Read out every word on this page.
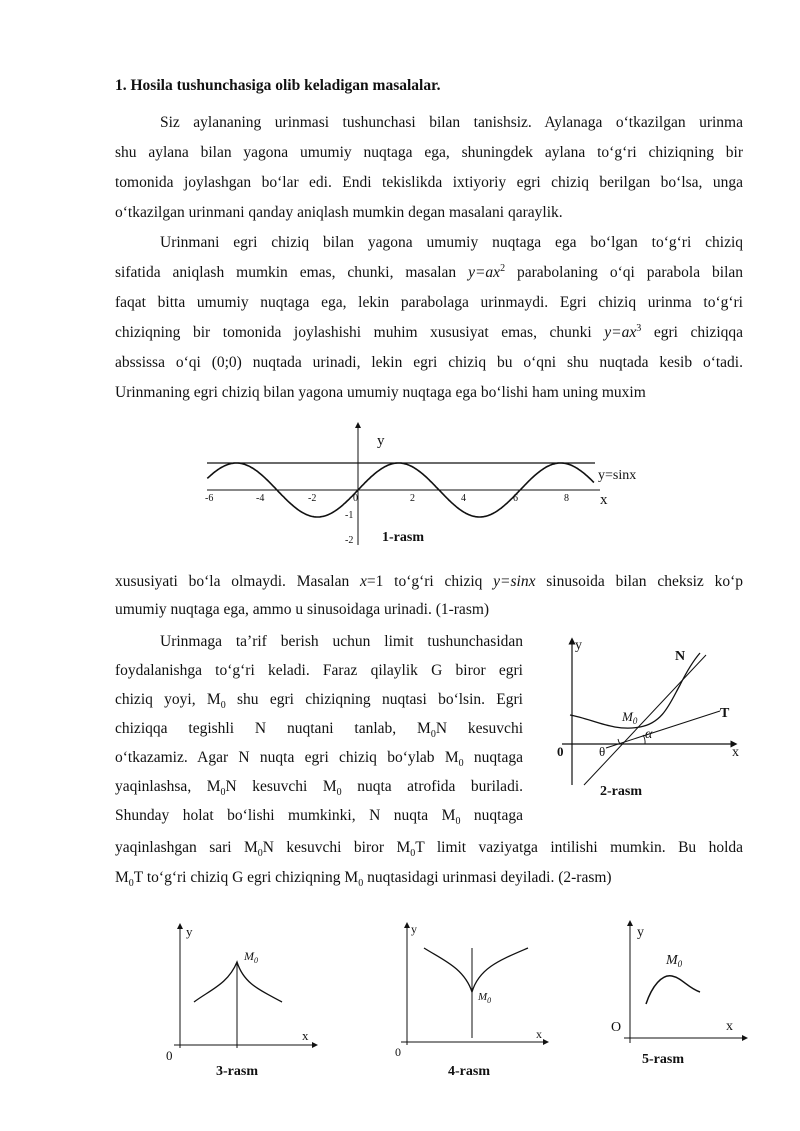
1. Hosila tushunchasiga olib keladigan masalalar.
Siz aylananing urinmasi tushunchasi bilan tanishsiz. Aylanaga o‘tkazilgan urinma
shu aylana bilan yagona umumiy nuqtaga ega, shuningdek aylana to‘g‘ri chiziqning bir
tomonida joylashgan bo‘lar edi. Endi tekislikda ixtiyoriy egri chiziq berilgan bo‘lsa, unga
o‘tkazilgan urinmani qanday aniqlash mumkin degan masalani qaraylik.
Urinmani egri chiziq bilan yagona umumiy nuqtaga ega bo‘lgan to‘g‘ri chiziq
sifatida aniqlash mumkin emas, chunki, masalan $y=ax^2$ parabolaning o‘qi parabola bilan
faqat bitta umumiy nuqtaga ega, lekin parabolaga urinmaydi. Egri chiziq urinma to‘g‘ri
chiziqning bir tomonida joylashishi muhim xususiyat emas, chunki $y=ax^3$ egri chiziqqa
abssissa o‘qi (0;0) nuqtada urinadi, lekin egri chiziq bu o‘qni shu nuqtada kesib o‘tadi.
Urinmaning egri chiziq bilan yagona umumiy nuqtaga ega bo‘lishi ham uning muxim
y
x
y=sinx
-6	-4	-2	0	2	4	6	8
-1
-2 1-rasm
xususiyati bo‘la olmaydi. Masalan x=1 to‘g‘ri chiziq y=sinx sinusoida bilan cheksiz ko‘p
umumiy nuqtaga ega, ammo u sinusoidaga urinadi. (1-rasm)
Urinmaga ta’rif berish uchun limit tushunchasidan
foydalanishga to‘g‘ri keladi. Faraz qilaylik G biror egri
chiziq yoyi, $M_0$ shu egri chiziqning nuqtasi bo‘lsin. Egri
chiziqqa tegishli N nuqtani tanlab, $M_0N$ kesuvchi
o‘tkazamiz. Agar N nuqta egri chiziq bo‘ylab $M_0$ nuqtaga
yaqinlashsa, $M_0N$ kesuvchi $M_0$ nuqta atrofida buriladi.
Shunday holat bo‘lishi mumkinki, N nuqta $M_0$ nuqtaga
yaqinlashgan sari $M_0N$ kesuvchi biror $M_0T$ limit vaziyatga intilishi mumkin. Bu holda
$M_0T$ to‘g‘ri chiziq G egri chiziqning $M_0$ nuqtasidagi urinmasi deyiladi. (2-rasm)
y
x
0
N
T
$M_0$
α
θ
2-rasm
y
x
0
$M_0$
3-rasm
y
x
0
$M_0$
4-rasm
y
x
O
$M_0$
5-rasm
